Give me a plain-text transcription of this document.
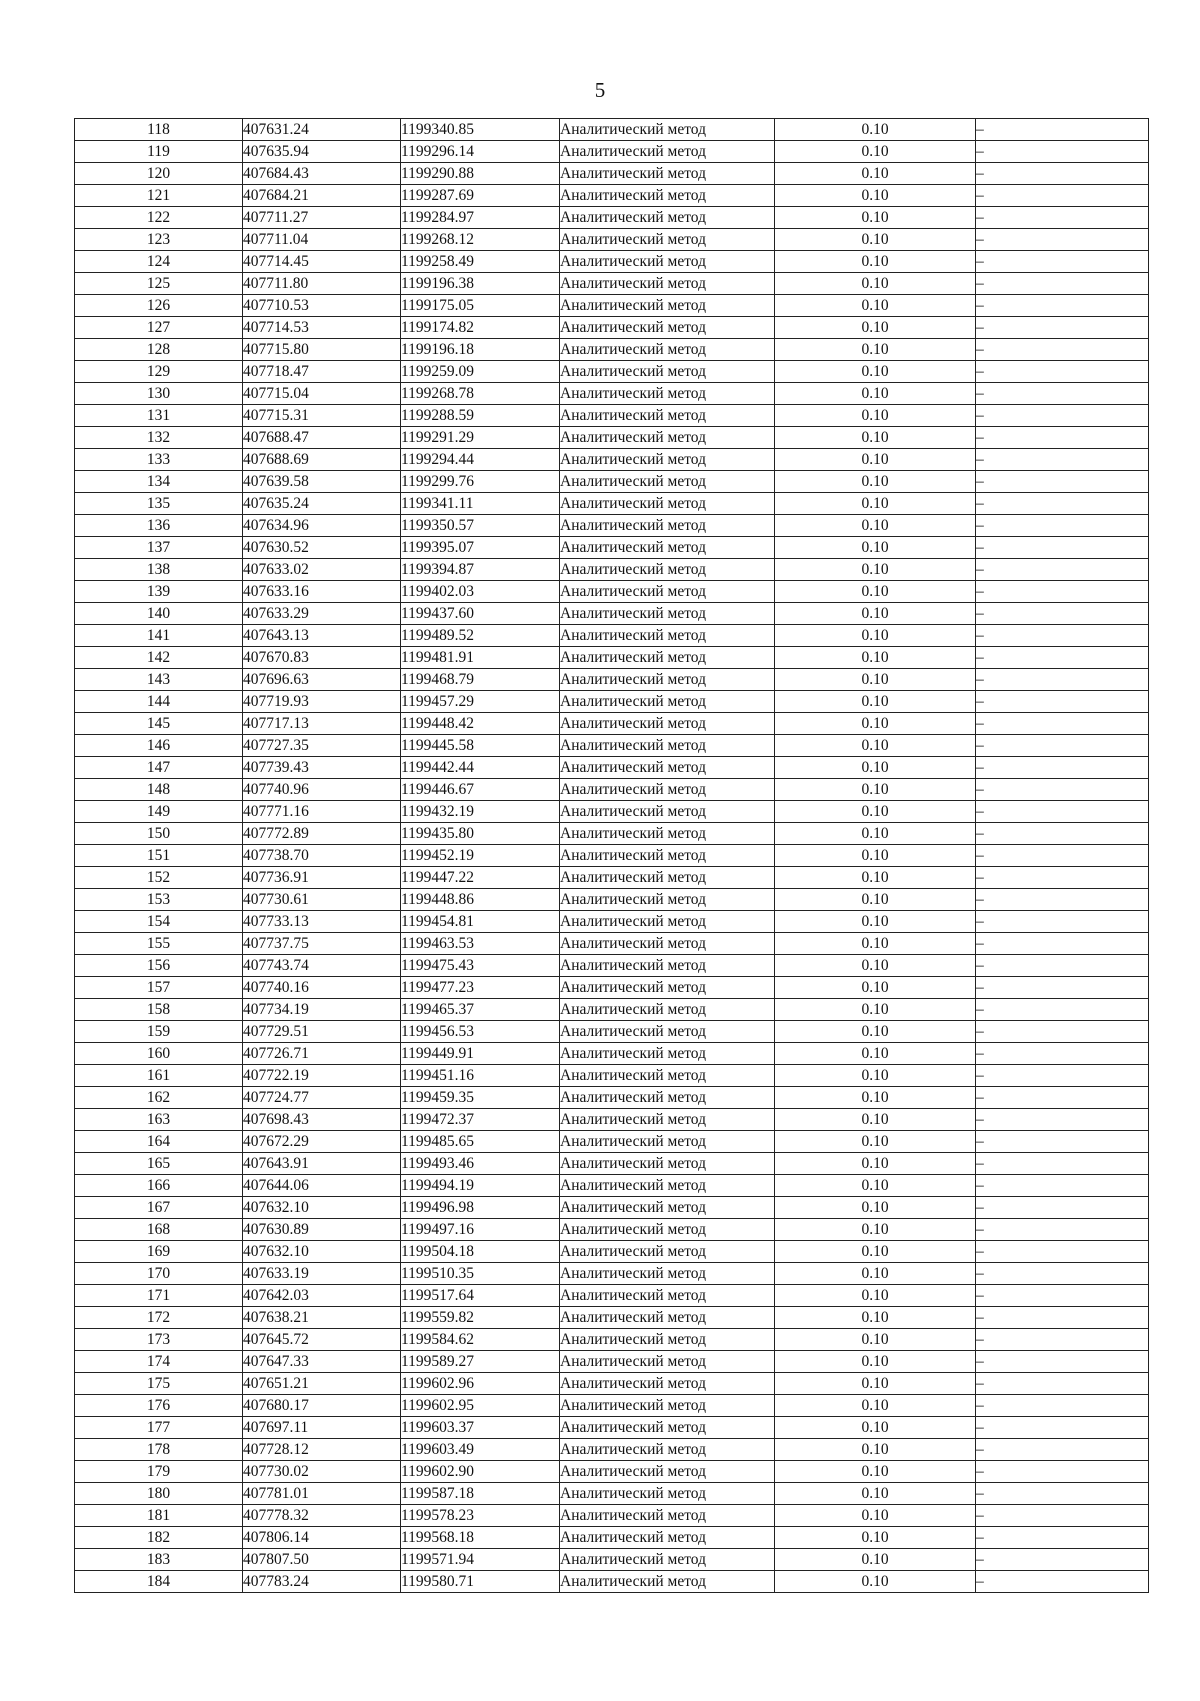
5
118	407631.24	1199340.85	Аналитический метод	0.10	–
119	407635.94	1199296.14	Аналитический метод	0.10	–
120	407684.43	1199290.88	Аналитический метод	0.10	–
121	407684.21	1199287.69	Аналитический метод	0.10	–
122	407711.27	1199284.97	Аналитический метод	0.10	–
123	407711.04	1199268.12	Аналитический метод	0.10	–
124	407714.45	1199258.49	Аналитический метод	0.10	–
125	407711.80	1199196.38	Аналитический метод	0.10	–
126	407710.53	1199175.05	Аналитический метод	0.10	–
127	407714.53	1199174.82	Аналитический метод	0.10	–
128	407715.80	1199196.18	Аналитический метод	0.10	–
129	407718.47	1199259.09	Аналитический метод	0.10	–
130	407715.04	1199268.78	Аналитический метод	0.10	–
131	407715.31	1199288.59	Аналитический метод	0.10	–
132	407688.47	1199291.29	Аналитический метод	0.10	–
133	407688.69	1199294.44	Аналитический метод	0.10	–
134	407639.58	1199299.76	Аналитический метод	0.10	–
135	407635.24	1199341.11	Аналитический метод	0.10	–
136	407634.96	1199350.57	Аналитический метод	0.10	–
137	407630.52	1199395.07	Аналитический метод	0.10	–
138	407633.02	1199394.87	Аналитический метод	0.10	–
139	407633.16	1199402.03	Аналитический метод	0.10	–
140	407633.29	1199437.60	Аналитический метод	0.10	–
141	407643.13	1199489.52	Аналитический метод	0.10	–
142	407670.83	1199481.91	Аналитический метод	0.10	–
143	407696.63	1199468.79	Аналитический метод	0.10	–
144	407719.93	1199457.29	Аналитический метод	0.10	–
145	407717.13	1199448.42	Аналитический метод	0.10	–
146	407727.35	1199445.58	Аналитический метод	0.10	–
147	407739.43	1199442.44	Аналитический метод	0.10	–
148	407740.96	1199446.67	Аналитический метод	0.10	–
149	407771.16	1199432.19	Аналитический метод	0.10	–
150	407772.89	1199435.80	Аналитический метод	0.10	–
151	407738.70	1199452.19	Аналитический метод	0.10	–
152	407736.91	1199447.22	Аналитический метод	0.10	–
153	407730.61	1199448.86	Аналитический метод	0.10	–
154	407733.13	1199454.81	Аналитический метод	0.10	–
155	407737.75	1199463.53	Аналитический метод	0.10	–
156	407743.74	1199475.43	Аналитический метод	0.10	–
157	407740.16	1199477.23	Аналитический метод	0.10	–
158	407734.19	1199465.37	Аналитический метод	0.10	–
159	407729.51	1199456.53	Аналитический метод	0.10	–
160	407726.71	1199449.91	Аналитический метод	0.10	–
161	407722.19	1199451.16	Аналитический метод	0.10	–
162	407724.77	1199459.35	Аналитический метод	0.10	–
163	407698.43	1199472.37	Аналитический метод	0.10	–
164	407672.29	1199485.65	Аналитический метод	0.10	–
165	407643.91	1199493.46	Аналитический метод	0.10	–
166	407644.06	1199494.19	Аналитический метод	0.10	–
167	407632.10	1199496.98	Аналитический метод	0.10	–
168	407630.89	1199497.16	Аналитический метод	0.10	–
169	407632.10	1199504.18	Аналитический метод	0.10	–
170	407633.19	1199510.35	Аналитический метод	0.10	–
171	407642.03	1199517.64	Аналитический метод	0.10	–
172	407638.21	1199559.82	Аналитический метод	0.10	–
173	407645.72	1199584.62	Аналитический метод	0.10	–
174	407647.33	1199589.27	Аналитический метод	0.10	–
175	407651.21	1199602.96	Аналитический метод	0.10	–
176	407680.17	1199602.95	Аналитический метод	0.10	–
177	407697.11	1199603.37	Аналитический метод	0.10	–
178	407728.12	1199603.49	Аналитический метод	0.10	–
179	407730.02	1199602.90	Аналитический метод	0.10	–
180	407781.01	1199587.18	Аналитический метод	0.10	–
181	407778.32	1199578.23	Аналитический метод	0.10	–
182	407806.14	1199568.18	Аналитический метод	0.10	–
183	407807.50	1199571.94	Аналитический метод	0.10	–
184	407783.24	1199580.71	Аналитический метод	0.10	–
